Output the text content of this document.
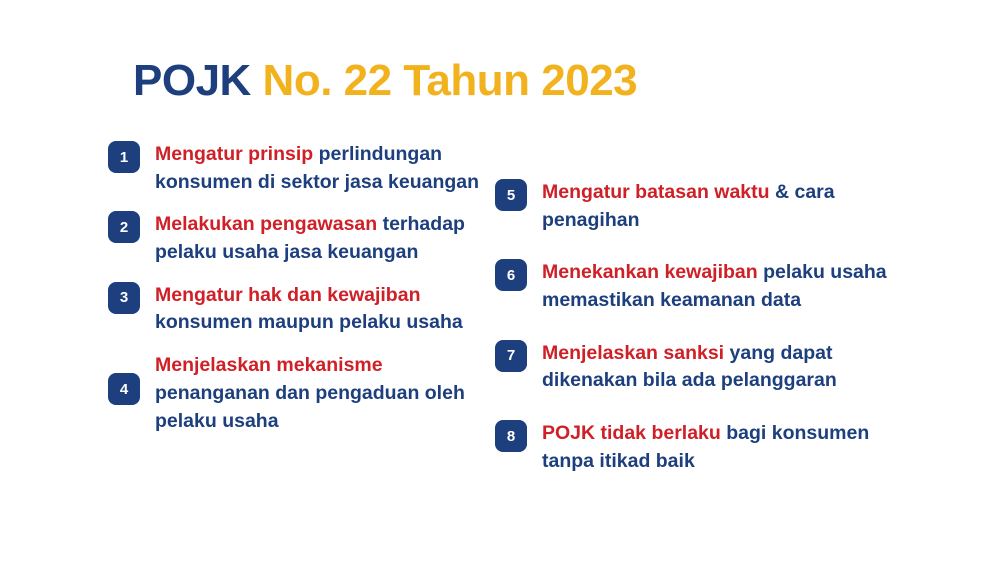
POJK No. 22 Tahun 2023
1	Mengatur prinsip perlindungan konsumen di sektor jasa keuangan
2	Melakukan pengawasan terhadap pelaku usaha jasa keuangan
3	Mengatur hak dan kewajiban konsumen maupun pelaku usaha
4
Menjelaskan mekanisme penanganan dan pengaduan oleh pelaku usaha
5	Mengatur batasan waktu & cara penagihan
6	Menekankan kewajiban pelaku usaha memastikan keamanan data
7	Menjelaskan sanksi yang dapat dikenakan bila ada pelanggaran
8	POJK tidak berlaku bagi konsumen tanpa itikad baik
